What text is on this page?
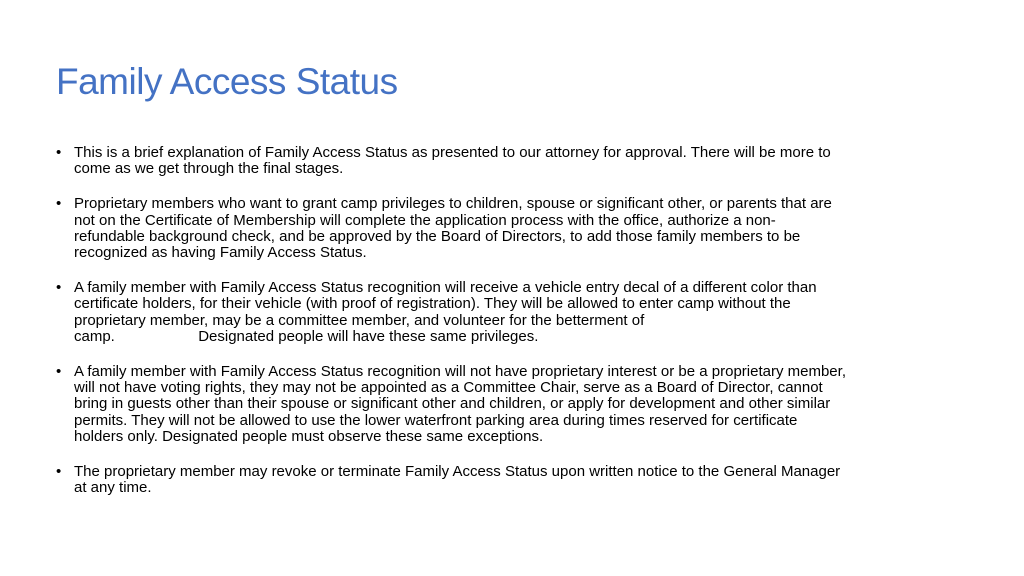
Family Access Status
• This is a brief explanation of Family Access Status as presented to our attorney for approval. There will be more to
come as we get through the final stages.
• Proprietary members who want to grant camp privileges to children, spouse or significant other, or parents that are
not on the Certificate of Membership will complete the application process with the office, authorize a non-
refundable background check, and be approved by the Board of Directors, to add those family members to be
recognized as having Family Access Status.
• A family member with Family Access Status recognition will receive a vehicle entry decal of a different color than
certificate holders, for their vehicle (with proof of registration). They will be allowed to enter camp without the
proprietary member, may be a committee member, and volunteer for the betterment of
camp.                    Designated people will have these same privileges.
• A family member with Family Access Status recognition will not have proprietary interest or be a proprietary member,
will not have voting rights, they may not be appointed as a Committee Chair, serve as a Board of Director, cannot
bring in guests other than their spouse or significant other and children, or apply for development and other similar
permits. They will not be allowed to use the lower waterfront parking area during times reserved for certificate
holders only. Designated people must observe these same exceptions.
• The proprietary member may revoke or terminate Family Access Status upon written notice to the General Manager
at any time.
